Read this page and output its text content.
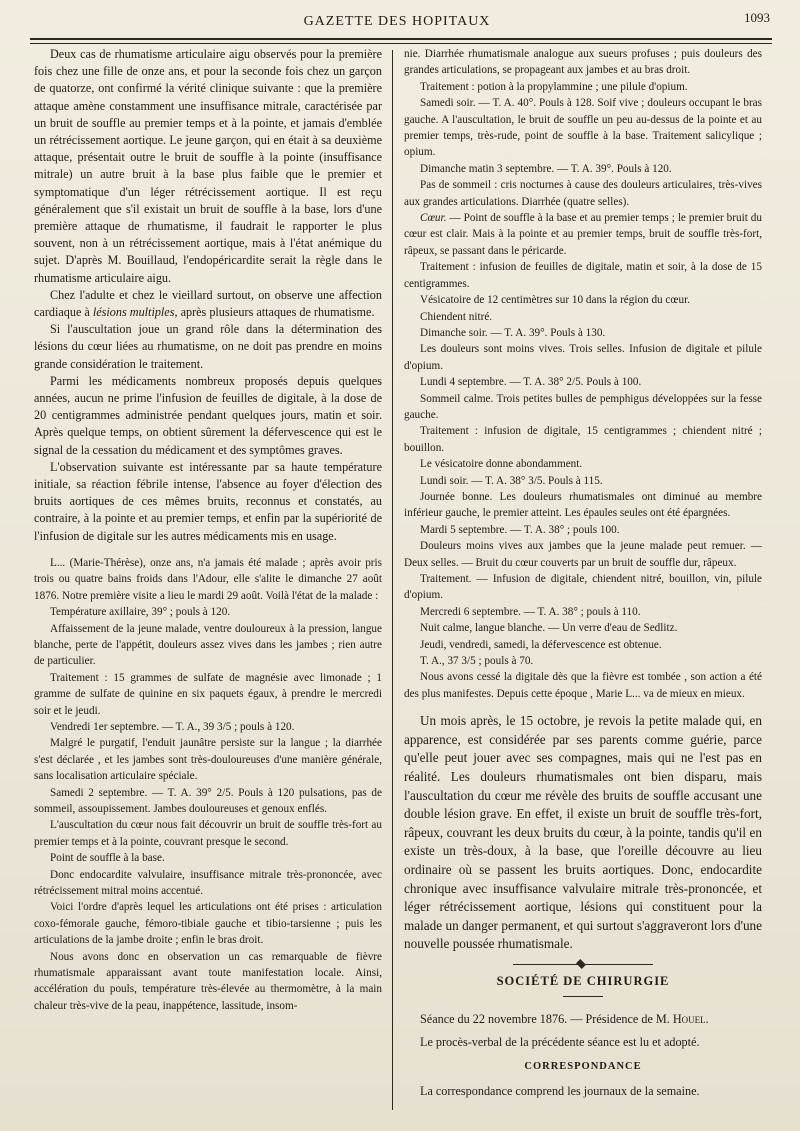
GAZETTE DES HOPITAUX	1093

Deux cas de rhumatisme articulaire aigu observés pour la première fois chez une fille de onze ans, et pour la seconde fois chez un garçon de quatorze, ont confirmé la vérité clinique suivante : que la première attaque amène constamment une insuffisance mitrale, caractérisée par un bruit de souffle au premier temps et à la pointe, et jamais d'emblée un rétrécissement aortique. Le jeune garçon, qui en était à sa deuxième attaque, présentait outre le bruit de souffle à la pointe (insuffisance mitrale) un autre bruit à la base plus faible que le premier et symptomatique d'un léger rétrécissement aortique. Il est reçu généralement que s'il existait un bruit de souffle à la base, lors d'une première attaque de rhumatisme, il faudrait le rapporter le plus souvent, non à un rétrécissement aortique, mais à l'état anémique du sujet. D'après M. Bouillaud, l'endopéricardite serait la règle dans le rhumatisme articulaire aigu.

Chez l'adulte et chez le vieillard surtout, on observe une affection cardiaque à lésions multiples, après plusieurs attaques de rhumatisme.

Si l'auscultation joue un grand rôle dans la détermination des lésions du cœur liées au rhumatisme, on ne doit pas prendre en moins grande considération le traitement.

Parmi les médicaments nombreux proposés depuis quelques années, aucun ne prime l'infusion de feuilles de digitale, à la dose de 20 centigrammes administrée pendant quelques jours, matin et soir. Après quelque temps, on obtient sûrement la défervescence qui est le signal de la cessation du médicament et des symptômes graves.

L'observation suivante est intéressante par sa haute température initiale, sa réaction fébrile intense, l'absence au foyer d'élection des bruits aortiques de ces mêmes bruits, reconnus et constatés, au contraire, à la pointe et au premier temps, et enfin par la supériorité de l'infusion de digitale sur les autres médicaments mis en usage.

L... (Marie-Thérèse), onze ans, n'a jamais été malade ; après avoir pris trois ou quatre bains froids dans l'Adour, elle s'alite le dimanche 27 août 1876. Notre première visite a lieu le mardi 29 août. Voilà l'état de la malade :

Température axillaire, 39° ; pouls à 120.

Affaissement de la jeune malade, ventre douloureux à la pression, langue blanche, perte de l'appétit, douleurs assez vives dans les jambes ; rien autre de particulier.

Traitement : 15 grammes de sulfate de magnésie avec limonade ; 1 gramme de sulfate de quinine en six paquets égaux, à prendre le mercredi soir et le jeudi.

Vendredi 1er septembre. — T. A., 39 3/5 ; pouls à 120.

Malgré le purgatif, l'enduit jaunâtre persiste sur la langue ; la diarrhée s'est déclarée , et les jambes sont très-douloureuses d'une manière générale, sans localisation articulaire spéciale.

Samedi 2 septembre. — T. A. 39° 2/5. Pouls à 120 pulsations, pas de sommeil, assoupissement. Jambes douloureuses et genoux enflés.

L'auscultation du cœur nous fait découvrir un bruit de souffle très-fort au premier temps et à la pointe, couvrant presque le second.

Point de souffle à la base.

Donc endocardite valvulaire, insuffisance mitrale très-prononcée, avec rétrécissement mitral moins accentué.

Voici l'ordre d'après lequel les articulations ont été prises : articulation coxo-fémorale gauche, fémoro-tibiale gauche et tibio-tarsienne ; puis les articulations de la jambe droite ; enfin le bras droit.

Nous avons donc en observation un cas remarquable de fièvre rhumatismale apparaissant avant toute manifestation locale. Ainsi, accélération du pouls, température très-élevée au thermomètre, à la main chaleur très-vive de la peau, inappétence, lassitude, insom-

nie. Diarrhée rhumatismale analogue aux sueurs profuses ; puis douleurs des grandes articulations, se propageant aux jambes et au bras droit.

Traitement : potion à la propylammine ; une pilule d'opium.

Samedi soir. — T. A. 40°. Pouls à 128. Soif vive ; douleurs occupant le bras gauche. A l'auscultation, le bruit de souffle un peu au-dessus de la pointe et au premier temps, très-rude, point de souffle à la base. Traitement salicylique ; opium.

Dimanche matin 3 septembre. — T. A. 39°. Pouls à 120.

Pas de sommeil : cris nocturnes à cause des douleurs articulaires, très-vives aux grandes articulations. Diarrhée (quatre selles).

Cœur. — Point de souffle à la base et au premier temps ; le premier bruit du cœur est clair. Mais à la pointe et au premier temps, bruit de souffle très-fort, râpeux, se passant dans le péricarde.

Traitement : infusion de feuilles de digitale, matin et soir, à la dose de 15 centigrammes.

Vésicatoire de 12 centimètres sur 10 dans la région du cœur.

Chiendent nitré.

Dimanche soir. — T. A. 39°. Pouls à 130.

Les douleurs sont moins vives. Trois selles. Infusion de digitale et pilule d'opium.

Lundi 4 septembre. — T. A. 38° 2/5. Pouls à 100.

Sommeil calme. Trois petites bulles de pemphigus développées sur la fesse gauche.

Traitement : infusion de digitale, 15 centigrammes ; chiendent nitré ; bouillon.

Le vésicatoire donne abondamment.

Lundi soir. — T. A. 38° 3/5. Pouls à 115.

Journée bonne. Les douleurs rhumatismales ont diminué au membre inférieur gauche, le premier atteint. Les épaules seules ont été épargnées.

Mardi 5 septembre. — T. A. 38° ; pouls 100.

Douleurs moins vives aux jambes que la jeune malade peut remuer. — Deux selles. — Bruit du cœur couverts par un bruit de souffle dur, râpeux.

Traitement. — Infusion de digitale, chiendent nitré, bouillon, vin, pilule d'opium.

Mercredi 6 septembre. — T. A. 38° ; pouls à 110.

Nuit calme, langue blanche. — Un verre d'eau de Sedlitz.

Jeudi, vendredi, samedi, la défervescence est obtenue.

T. A., 37 3/5 ; pouls à 70.

Nous avons cessé la digitale dès que la fièvre est tombée , son action a été des plus manifestes. Depuis cette époque , Marie L... va de mieux en mieux.

Un mois après, le 15 octobre, je revois la petite malade qui, en apparence, est considérée par ses parents comme guérie, parce qu'elle peut jouer avec ses compagnes, mais qui ne l'est pas en réalité. Les douleurs rhumatismales ont bien disparu, mais l'auscultation du cœur me révèle des bruits de souffle accusant une double lésion grave. En effet, il existe un bruit de souffle très-fort, râpeux, couvrant les deux bruits du cœur, à la pointe, tandis qu'il en existe un très-doux, à la base, que l'oreille découvre au lieu ordinaire où se passent les bruits aortiques. Donc, endocardite chronique avec insuffisance valvulaire mitrale très-prononcée, et léger rétrécissement aortique, lésions qui constituent pour la malade un danger permanent, et qui surtout s'aggraveront lors d'une nouvelle poussée rhumatismale.

SOCIÉTÉ DE CHIRURGIE

Séance du 22 novembre 1876. — Présidence de M. Houel.

Le procès-verbal de la précédente séance est lu et adopté.

CORRESPONDANCE

La correspondance comprend les journaux de la semaine.
